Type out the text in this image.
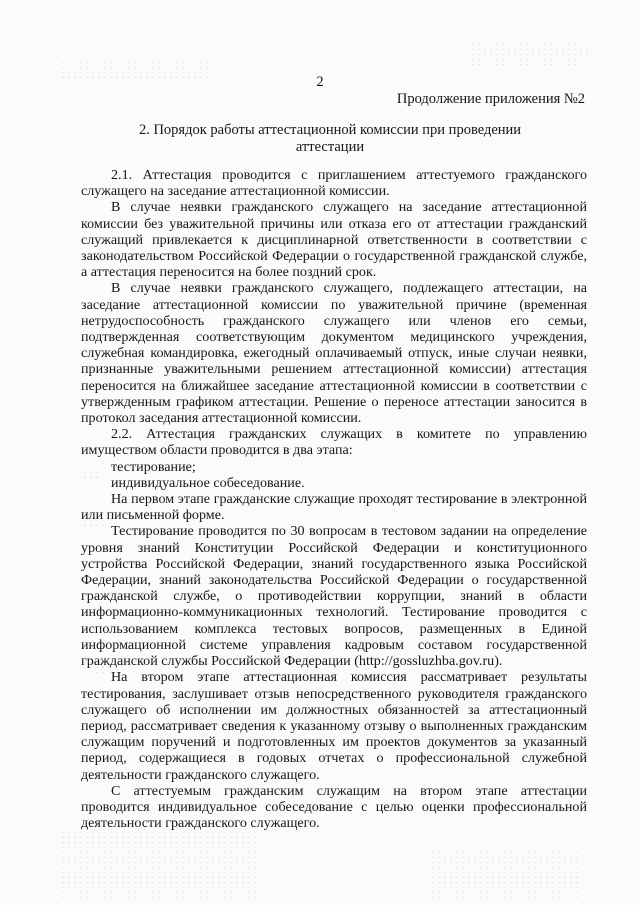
2
Продолжение приложения №2
2. Порядок работы аттестационной комиссии при проведении аттестации

2.1. Аттестация проводится с приглашением аттестуемого гражданского служащего на заседание аттестационной комиссии.

В случае неявки гражданского служащего на заседание аттестационной комиссии без уважительной причины или отказа его от аттестации гражданский служащий привлекается к дисциплинарной ответственности в соответствии с законодательством Российской Федерации о государственной гражданской службе, а аттестация переносится на более поздний срок.

В случае неявки гражданского служащего, подлежащего аттестации, на заседание аттестационной комиссии по уважительной причине (временная нетрудоспособность гражданского служащего или членов его семьи, подтвержденная соответствующим документом медицинского учреждения, служебная командировка, ежегодный оплачиваемый отпуск, иные случаи неявки, признанные уважительными решением аттестационной комиссии) аттестация переносится на ближайшее заседание аттестационной комиссии в соответствии с утвержденным графиком аттестации. Решение о переносе аттестации заносится в протокол заседания аттестационной комиссии.

2.2. Аттестация гражданских служащих в комитете по управлению имуществом области проводится в два этапа:

тестирование;

индивидуальное собеседование.

На первом этапе гражданские служащие проходят тестирование в электронной или письменной форме.

Тестирование проводится по 30 вопросам в тестовом задании на определение уровня знаний Конституции Российской Федерации и конституционного устройства Российской Федерации, знаний государственного языка Российской Федерации, знаний законодательства Российской Федерации о государственной гражданской службе, о противодействии коррупции, знаний в области информационно-коммуникационных технологий. Тестирование проводится с использованием комплекса тестовых вопросов, размещенных в Единой информационной системе управления кадровым составом государственной гражданской службы Российской Федерации (http://gossluzhba.gov.ru).

На втором этапе аттестационная комиссия рассматривает результаты тестирования, заслушивает отзыв непосредственного руководителя гражданского служащего об исполнении им должностных обязанностей за аттестационный период, рассматривает сведения к указанному отзыву о выполненных гражданским служащим поручений и подготовленных им проектов документов за указанный период, содержащиеся в годовых отчетах о профессиональной служебной деятельности гражданского служащего.

С аттестуемым гражданским служащим на втором этапе аттестации проводится индивидуальное собеседование с целью оценки профессиональной деятельности гражданского служащего.
